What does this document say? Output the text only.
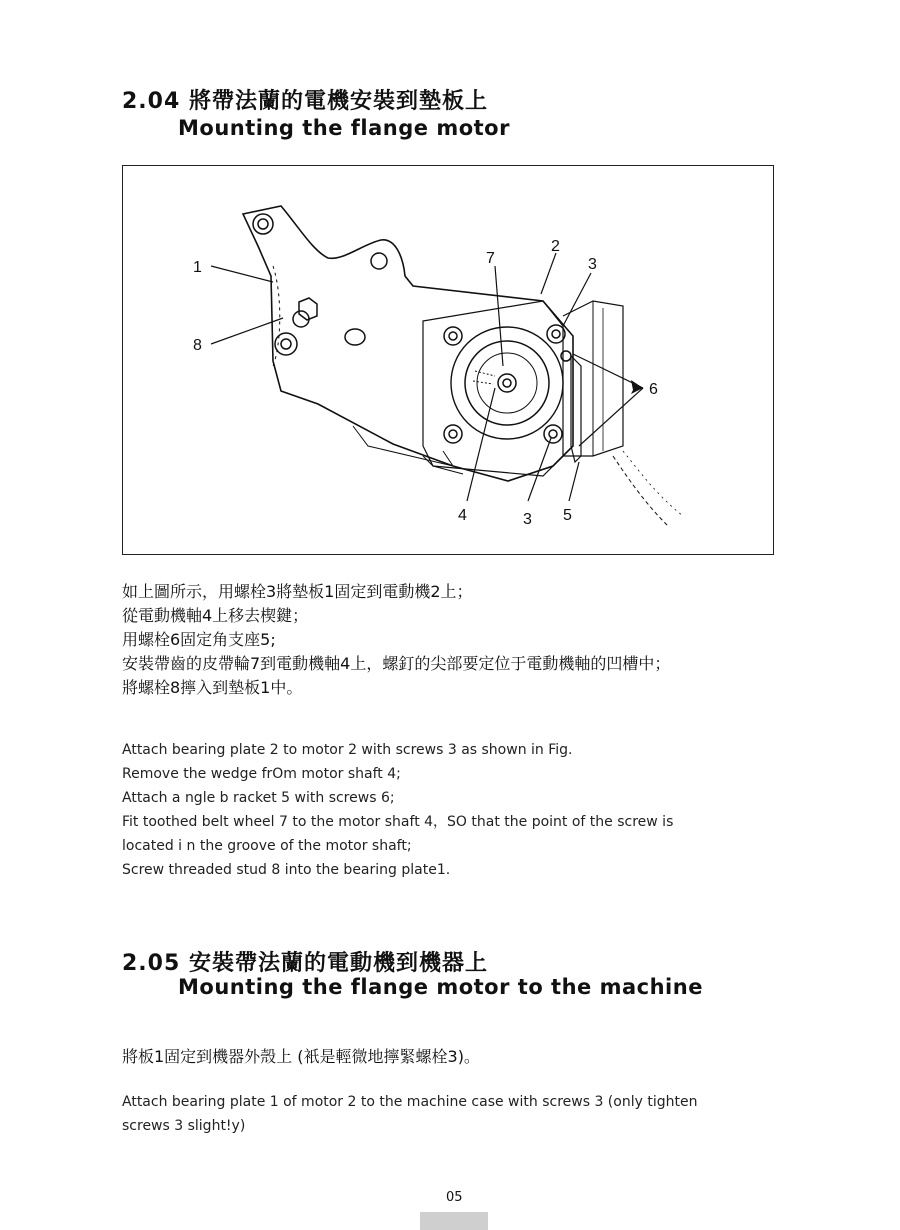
2.04 將帶法蘭的電機安裝到墊板上
Mounting the flange motor
1
2
3
7
8
6
4	3 5
如上圖所示，用螺栓3將墊板1固定到電動機2上；
從電動機軸4上移去楔鍵；
用螺栓6固定角支座5;
安裝帶齒的皮帶輪7到電動機軸4上，螺釘的尖部要定位于電動機軸的凹槽中；
將螺栓8擰入到墊板1中。
Attach bearing plate 2 to motor 2 with screws 3 as shown in Fig.
Remove the wedge frOm motor shaft 4;
Attach a ngle b racket 5 with screws 6;
Fit toothed belt wheel 7 to the motor shaft 4，SO that the point of the screw is
located i n the groove of the motor shaft;
Screw threaded stud 8 into the bearing plate1.
2.05 安裝帶法蘭的電動機到機器上
Mounting the flange motor to the machine
將板1固定到機器外殼上 (衹是輕微地擰緊螺栓3)。
Attach bearing plate 1 of motor 2 to the machine case with screws 3 (only tighten
screws 3 slight!y)
05
